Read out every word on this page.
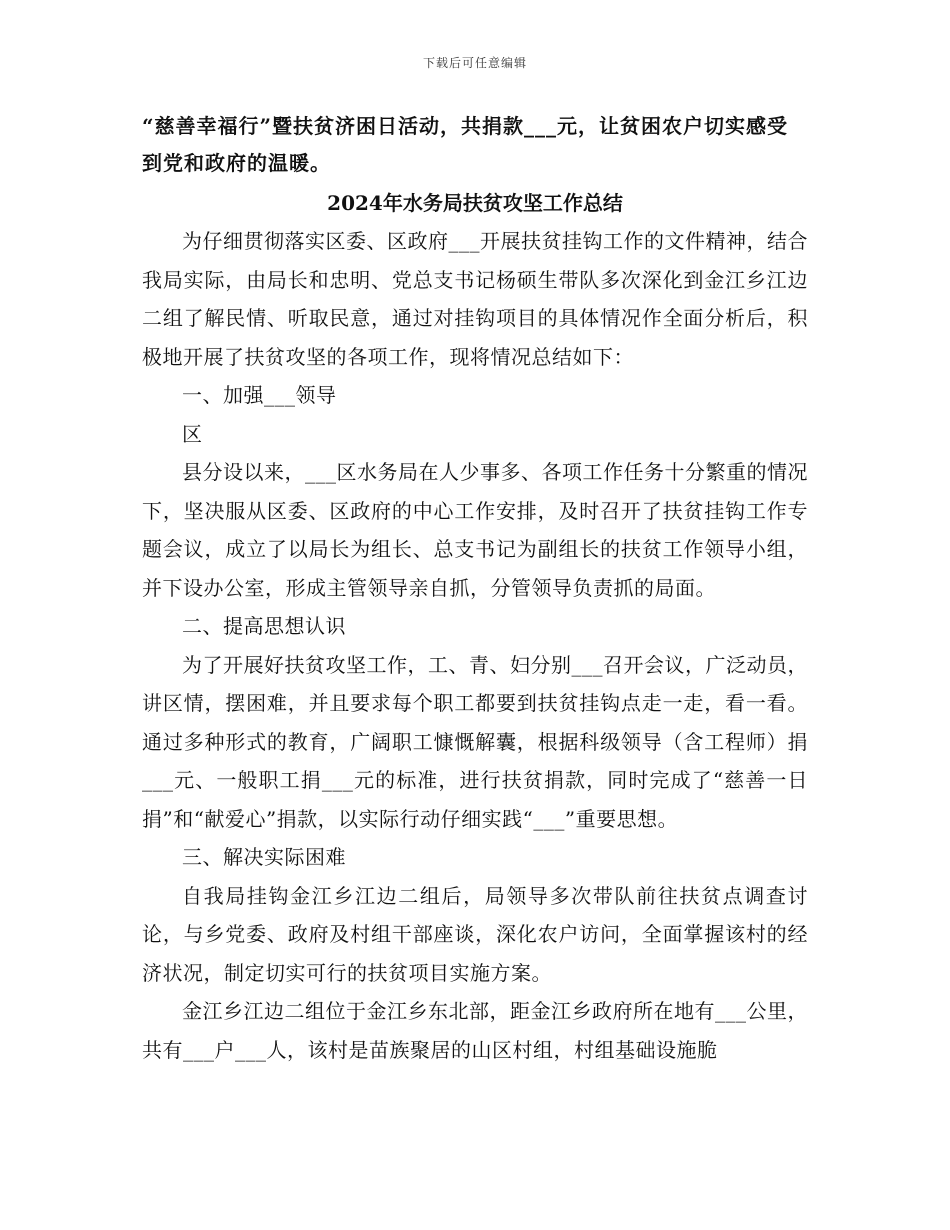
下载后可任意编辑

“慈善幸福行”暨扶贫济困日活动，共捐款___元，让贫困农户切实感受到党和政府的温暖。

2024年水务局扶贫攻坚工作总结

为仔细贯彻落实区委、区政府___开展扶贫挂钩工作的文件精神，结合我局实际，由局长和忠明、党总支书记杨硕生带队多次深化到金江乡江边二组了解民情、听取民意，通过对挂钩项目的具体情况作全面分析后，积极地开展了扶贫攻坚的各项工作，现将情况总结如下：

一、加强___领导

区

县分设以来，___区水务局在人少事多、各项工作任务十分繁重的情况下，坚决服从区委、区政府的中心工作安排，及时召开了扶贫挂钩工作专题会议，成立了以局长为组长、总支书记为副组长的扶贫工作领导小组，并下设办公室，形成主管领导亲自抓，分管领导负责抓的局面。

二、提高思想认识

为了开展好扶贫攻坚工作，工、青、妇分别___召开会议，广泛动员，讲区情，摆困难，并且要求每个职工都要到扶贫挂钩点走一走，看一看。通过多种形式的教育，广阔职工慷慨解囊，根据科级领导（含工程师）捐___元、一般职工捐___元的标准，进行扶贫捐款，同时完成了“慈善一日捐”和“献爱心”捐款，以实际行动仔细实践“___”重要思想。

三、解决实际困难

自我局挂钩金江乡江边二组后，局领导多次带队前往扶贫点调查讨论，与乡党委、政府及村组干部座谈，深化农户访问，全面掌握该村的经济状况，制定切实可行的扶贫项目实施方案。

金江乡江边二组位于金江乡东北部，距金江乡政府所在地有___公里，共有___户___人，该村是苗族聚居的山区村组，村组基础设施脆
